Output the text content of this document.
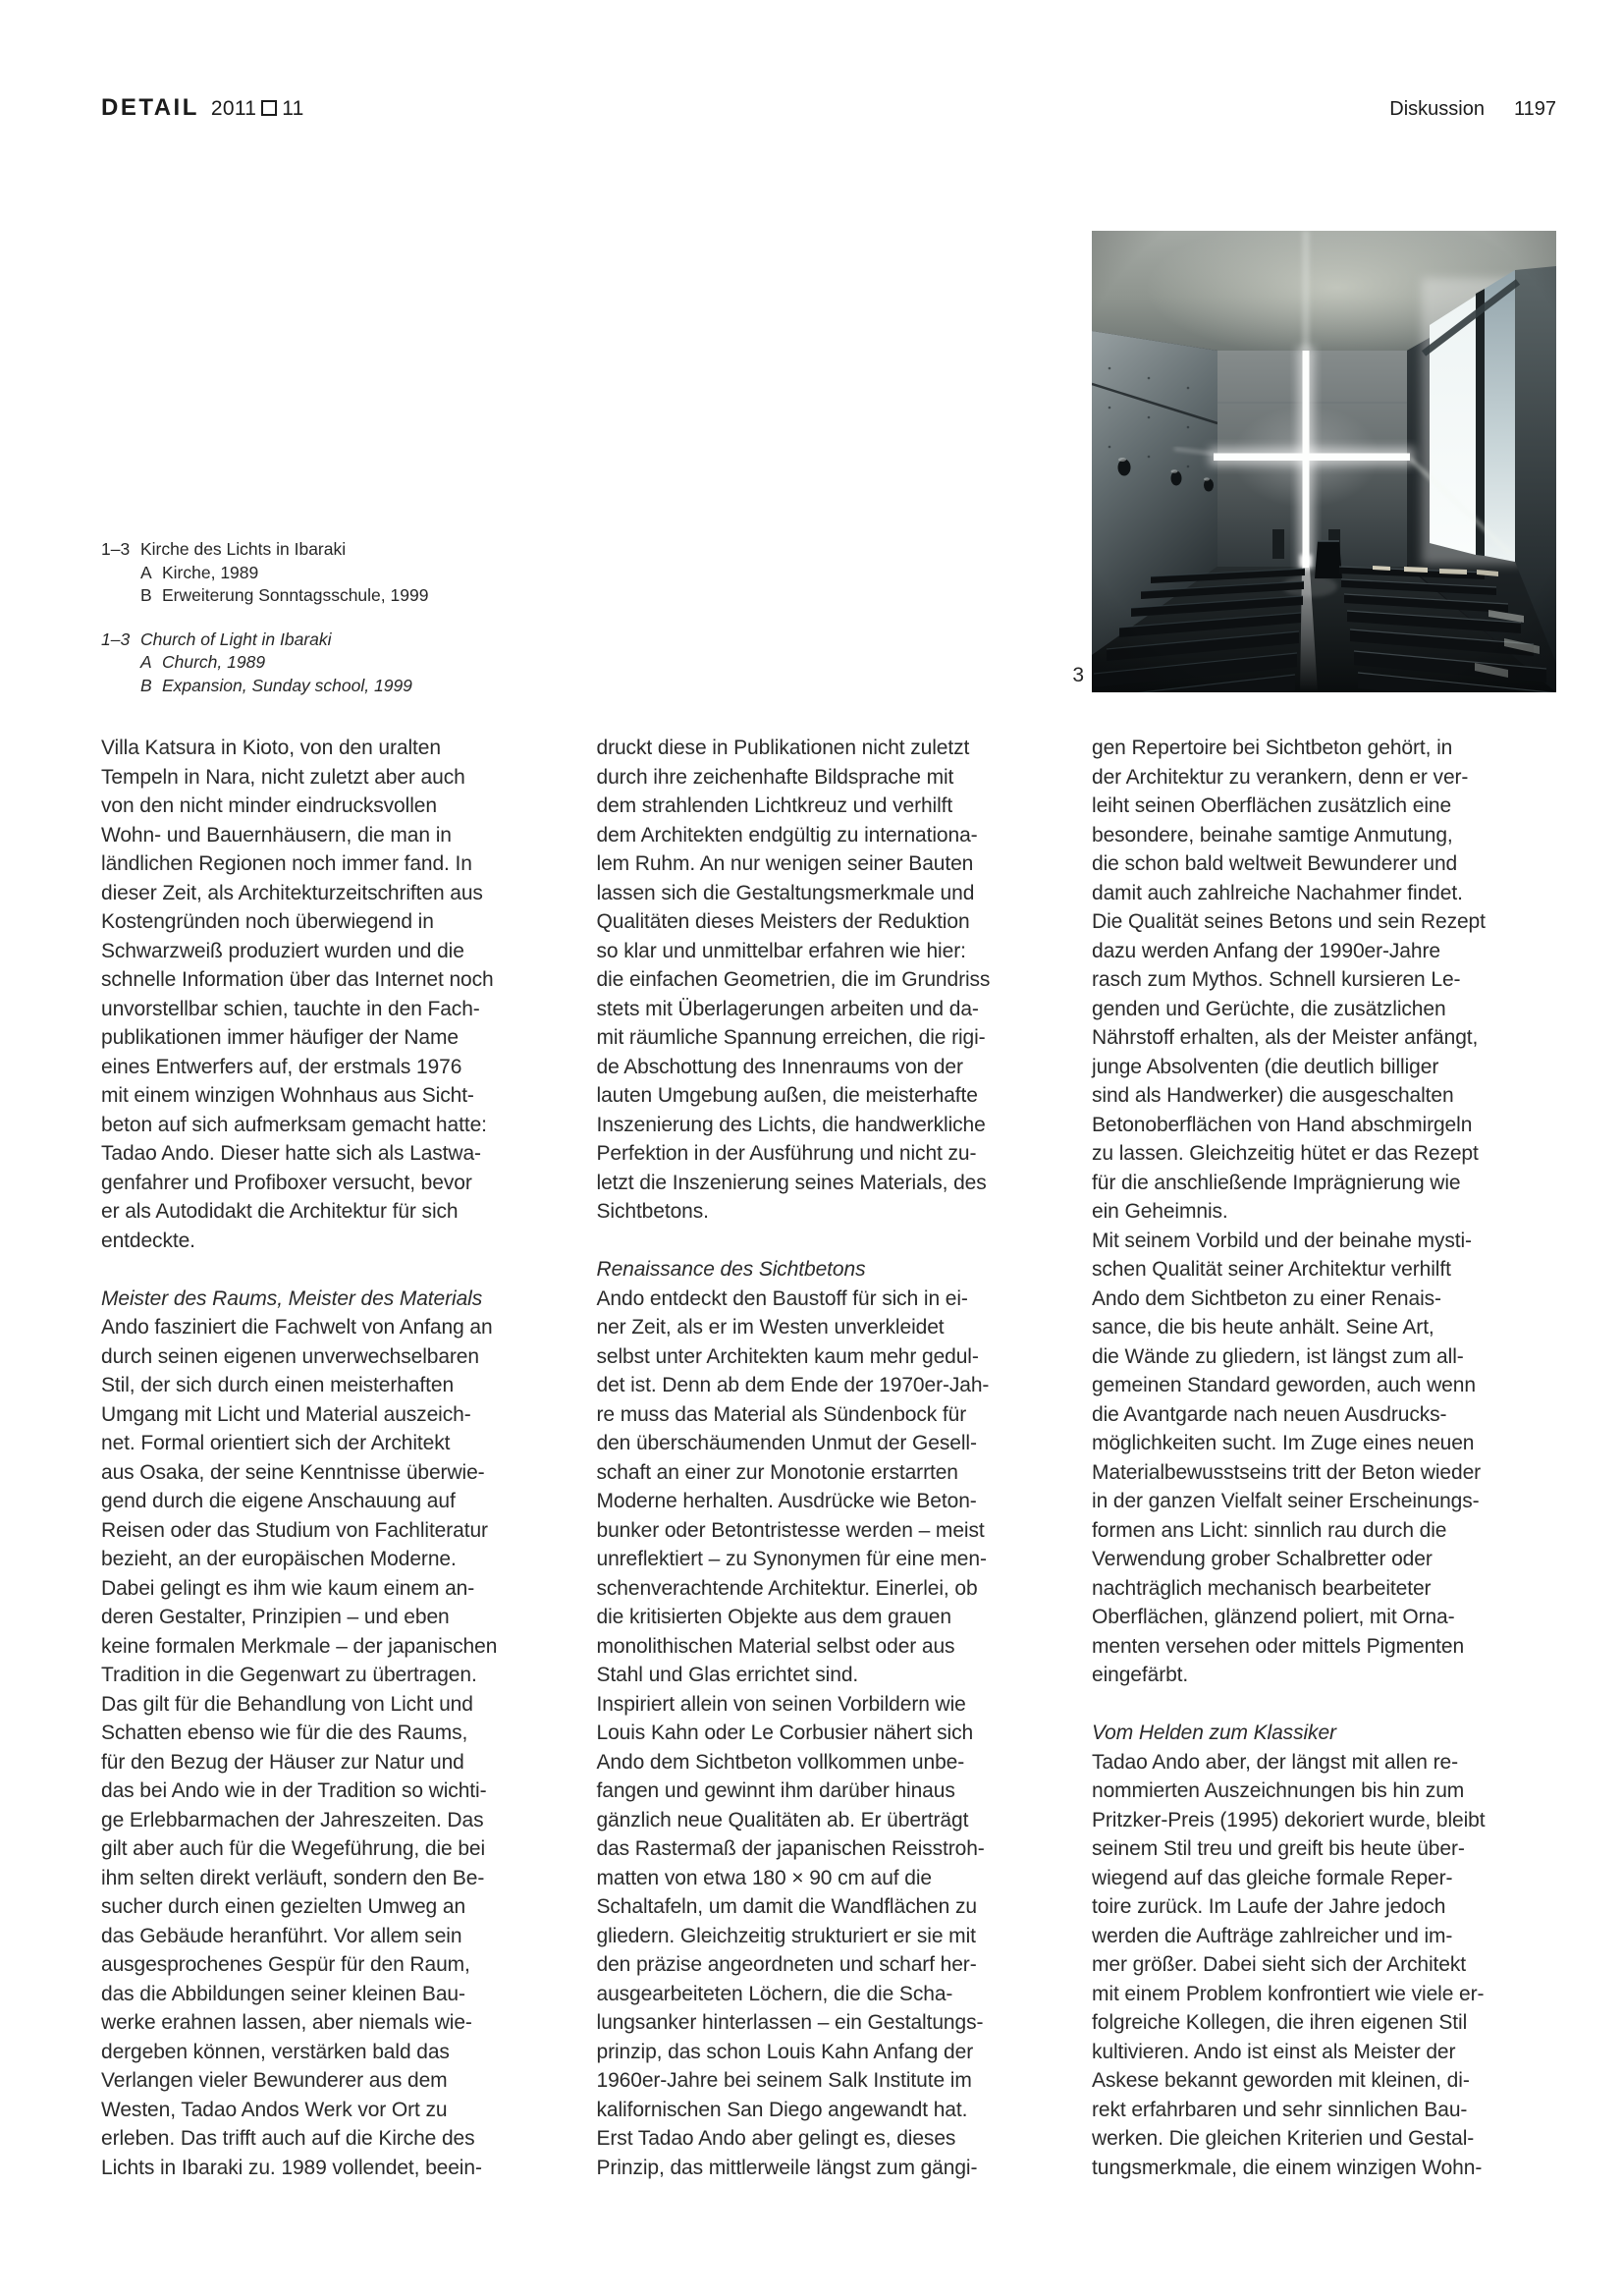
DETAIL 2011 11	Diskussion 1197
1–3 Kirche des Lichts in Ibaraki
A Kirche, 1989
B Erweiterung Sonntagsschule, 1999
1–3 Church of Light in Ibaraki
A Church, 1989
B Expansion, Sunday school, 1999	3
Villa Katsura in Kioto, von den uralten
Tempeln in Nara, nicht zuletzt aber auch
von den nicht minder eindrucksvollen
Wohn- und Bauernhäusern, die man in
ländlichen Regionen noch immer fand. In
dieser Zeit, als Architekturzeitschriften aus
Kostengründen noch überwiegend in
Schwarzweiß produziert wurden und die
schnelle Information über das Internet noch
unvorstellbar schien, tauchte in den Fach-
publikationen immer häufiger der Name
eines Entwerfers auf, der erstmals 1976
mit einem winzigen Wohnhaus aus Sicht-
beton auf sich aufmerksam gemacht hatte:
Tadao Ando. Dieser hatte sich als Lastwa-
genfahrer und Profiboxer versucht, bevor
er als Autodidakt die Architektur für sich
entdeckte.

Meister des Raums, Meister des Materials
Ando fasziniert die Fachwelt von Anfang an
durch seinen eigenen unverwechselbaren
Stil, der sich durch einen meisterhaften
Umgang mit Licht und Material auszeich-
net. Formal orientiert sich der Architekt
aus Osaka, der seine Kenntnisse überwie-
gend durch die eigene Anschauung auf
Reisen oder das Studium von Fachliteratur
bezieht, an der europäischen Moderne.
Dabei gelingt es ihm wie kaum einem an-
deren Gestalter, Prinzipien – und eben
keine formalen Merkmale – der japanischen
Tradition in die Gegenwart zu übertragen.
Das gilt für die Behandlung von Licht und
Schatten ebenso wie für die des Raums,
für den Bezug der Häuser zur Natur und
das bei Ando wie in der Tradition so wichti-
ge Erlebbarmachen der Jahreszeiten. Das
gilt aber auch für die Wegeführung, die bei
ihm selten direkt verläuft, sondern den Be-
sucher durch einen gezielten Umweg an
das Gebäude heranführt. Vor allem sein
ausgesprochenes Gespür für den Raum,
das die Abbildungen seiner kleinen Bau-
werke erahnen lassen, aber niemals wie-
dergeben können, verstärken bald das
Verlangen vieler Bewunderer aus dem
Westen, Tadao Andos Werk vor Ort zu
erleben. Das trifft auch auf die Kirche des
Lichts in Ibaraki zu. 1989 vollendet, beein-
druckt diese in Publikationen nicht zuletzt
durch ihre zeichenhafte Bildsprache mit
dem strahlenden Lichtkreuz und verhilft
dem Architekten endgültig zu internationa-
lem Ruhm. An nur wenigen seiner Bauten
lassen sich die Gestaltungsmerkmale und
Qualitäten dieses Meisters der Reduktion
so klar und unmittelbar erfahren wie hier:
die einfachen Geometrien, die im Grundriss
stets mit Überlagerungen arbeiten und da-
mit räumliche Spannung erreichen, die rigi-
de Abschottung des Innenraums von der
lauten Umgebung außen, die meisterhafte
Inszenierung des Lichts, die handwerkliche
Perfektion in der Ausführung und nicht zu-
letzt die Inszenierung seines Materials, des
Sichtbetons.

Renaissance des Sichtbetons
Ando entdeckt den Baustoff für sich in ei-
ner Zeit, als er im Westen unverkleidet
selbst unter Architekten kaum mehr gedul-
det ist. Denn ab dem Ende der 1970er-Jah-
re muss das Material als Sündenbock für
den überschäumenden Unmut der Gesell-
schaft an einer zur Monotonie erstarrten
Moderne herhalten. Ausdrücke wie Beton-
bunker oder Betontristesse werden – meist
unreflektiert – zu Synonymen für eine men-
schenverachtende Architektur. Einerlei, ob
die kritisierten Objekte aus dem grauen
monolithischen Material selbst oder aus
Stahl und Glas errichtet sind.
Inspiriert allein von seinen Vorbildern wie
Louis Kahn oder Le Corbusier nähert sich
Ando dem Sichtbeton vollkommen unbe-
fangen und gewinnt ihm darüber hinaus
gänzlich neue Qualitäten ab. Er überträgt
das Rastermaß der japanischen Reisstroh-
matten von etwa 180 × 90 cm auf die
Schaltafeln, um damit die Wandflächen zu
gliedern. Gleichzeitig strukturiert er sie mit
den präzise angeordneten und scharf her-
ausgearbeiteten Löchern, die die Scha-
lungsanker hinterlassen – ein Gestaltungs-
prinzip, das schon Louis Kahn Anfang der
1960er-Jahre bei seinem Salk Institute im
kalifornischen San Diego angewandt hat.
Erst Tadao Ando aber gelingt es, dieses
Prinzip, das mittlerweile längst zum gängi-
gen Repertoire bei Sichtbeton gehört, in
der Architektur zu verankern, denn er ver-
leiht seinen Oberflächen zusätzlich eine
besondere, beinahe samtige Anmutung,
die schon bald weltweit Bewunderer und
damit auch zahlreiche Nachahmer findet.
Die Qualität seines Betons und sein Rezept
dazu werden Anfang der 1990er-Jahre
rasch zum Mythos. Schnell kursieren Le-
genden und Gerüchte, die zusätzlichen
Nährstoff erhalten, als der Meister anfängt,
junge Absolventen (die deutlich billiger
sind als Handwerker) die ausgeschalten
Betonoberflächen von Hand abschmirgeln
zu lassen. Gleichzeitig hütet er das Rezept
für die anschließende Imprägnierung wie
ein Geheimnis.
Mit seinem Vorbild und der beinahe mysti-
schen Qualität seiner Architektur verhilft
Ando dem Sichtbeton zu einer Renais-
sance, die bis heute anhält. Seine Art,
die Wände zu gliedern, ist längst zum all-
gemeinen Standard geworden, auch wenn
die Avantgarde nach neuen Ausdrucks-
möglichkeiten sucht. Im Zuge eines neuen
Materialbewusstseins tritt der Beton wieder
in der ganzen Vielfalt seiner Erscheinungs-
formen ans Licht: sinnlich rau durch die
Verwendung grober Schalbretter oder
nachträglich mechanisch bearbeiteter
Oberflächen, glänzend poliert, mit Orna-
menten versehen oder mittels Pigmenten
eingefärbt.

Vom Helden zum Klassiker
Tadao Ando aber, der längst mit allen re-
nommierten Auszeichnungen bis hin zum
Pritzker-Preis (1995) dekoriert wurde, bleibt
seinem Stil treu und greift bis heute über-
wiegend auf das gleiche formale Reper-
toire zurück. Im Laufe der Jahre jedoch
werden die Aufträge zahlreicher und im-
mer größer. Dabei sieht sich der Architekt
mit einem Problem konfrontiert wie viele er-
folgreiche Kollegen, die ihren eigenen Stil
kultivieren. Ando ist einst als Meister der
Askese bekannt geworden mit kleinen, di-
rekt erfahrbaren und sehr sinnlichen Bau-
werken. Die gleichen Kriterien und Gestal-
tungsmerkmale, die einem winzigen Wohn-
